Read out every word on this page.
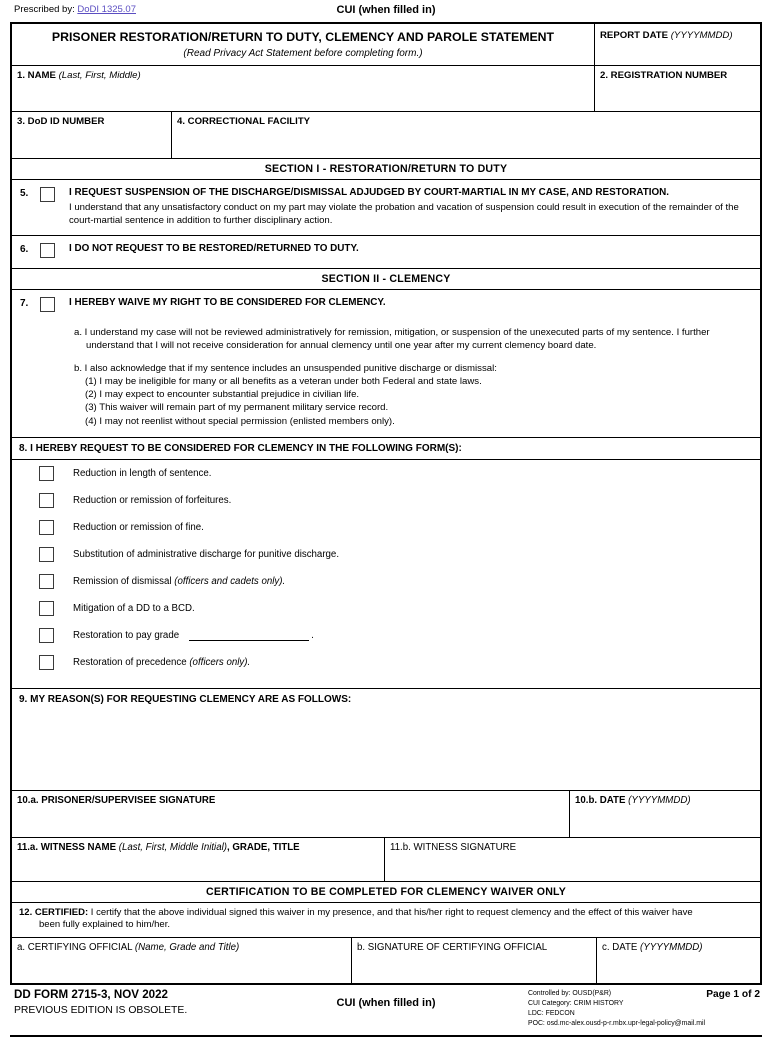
Prescribed by: DoDI 1325.07	CUI (when filled in)
PRISONER RESTORATION/RETURN TO DUTY, CLEMENCY AND PAROLE STATEMENT
(Read Privacy Act Statement before completing form.)
REPORT DATE (YYYYMMDD)
1. NAME (Last, First, Middle)	2. REGISTRATION NUMBER
3. DoD ID NUMBER	4. CORRECTIONAL FACILITY
SECTION I - RESTORATION/RETURN TO DUTY
5.	I REQUEST SUSPENSION OF THE DISCHARGE/DISMISSAL ADJUDGED BY COURT-MARTIAL IN MY CASE, AND RESTORATION.
I understand that any unsatisfactory conduct on my part may violate the probation and vacation of suspension could result in execution of the remainder of the court-martial sentence in addition to further disciplinary action.
6.	I DO NOT REQUEST TO BE RESTORED/RETURNED TO DUTY.
SECTION II - CLEMENCY
7.	I HEREBY WAIVE MY RIGHT TO BE CONSIDERED FOR CLEMENCY.
a. I understand my case will not be reviewed administratively for remission, mitigation, or suspension of the unexecuted parts of my sentence. I further understand that I will not receive consideration for annual clemency until one year after my current clemency board date.
b. I also acknowledge that if my sentence includes an unsuspended punitive discharge or dismissal:
(1) I may be ineligible for many or all benefits as a veteran under both Federal and state laws.
(2) I may expect to encounter substantial prejudice in civilian life.
(3) This waiver will remain part of my permanent military service record.
(4) I may not reenlist without special permission (enlisted members only).
8. I HEREBY REQUEST TO BE CONSIDERED FOR CLEMENCY IN THE FOLLOWING FORM(S):
Reduction in length of sentence.
Reduction or remission of forfeitures.
Reduction or remission of fine.
Substitution of administrative discharge for punitive discharge.
Remission of dismissal (officers and cadets only).
Mitigation of a DD to a BCD.
Restoration to pay grade	.
Restoration of precedence (officers only).
9. MY REASON(S) FOR REQUESTING CLEMENCY ARE AS FOLLOWS:
10.a. PRISONER/SUPERVISEE SIGNATURE	10.b. DATE (YYYYMMDD)
11.a. WITNESS NAME (Last, First, Middle Initial), GRADE, TITLE	11.b. WITNESS SIGNATURE
CERTIFICATION TO BE COMPLETED FOR CLEMENCY WAIVER ONLY
12. CERTIFIED: I certify that the above individual signed this waiver in my presence, and that his/her right to request clemency and the effect of this waiver have
been fully explained to him/her.
a. CERTIFYING OFFICIAL (Name, Grade and Title)	b. SIGNATURE OF CERTIFYING OFFICIAL	c. DATE (YYYYMMDD)
DD FORM 2715-3, NOV 2022
PREVIOUS EDITION IS OBSOLETE.
CUI (when filled in)
Page 1 of 2
Controlled by: OUSD(P&R)
CUI Category: CRIM HISTORY
LDC: FEDCON
POC: osd.mc-alex.ousd-p-r.mbx.upr-legal-policy@mail.mil
